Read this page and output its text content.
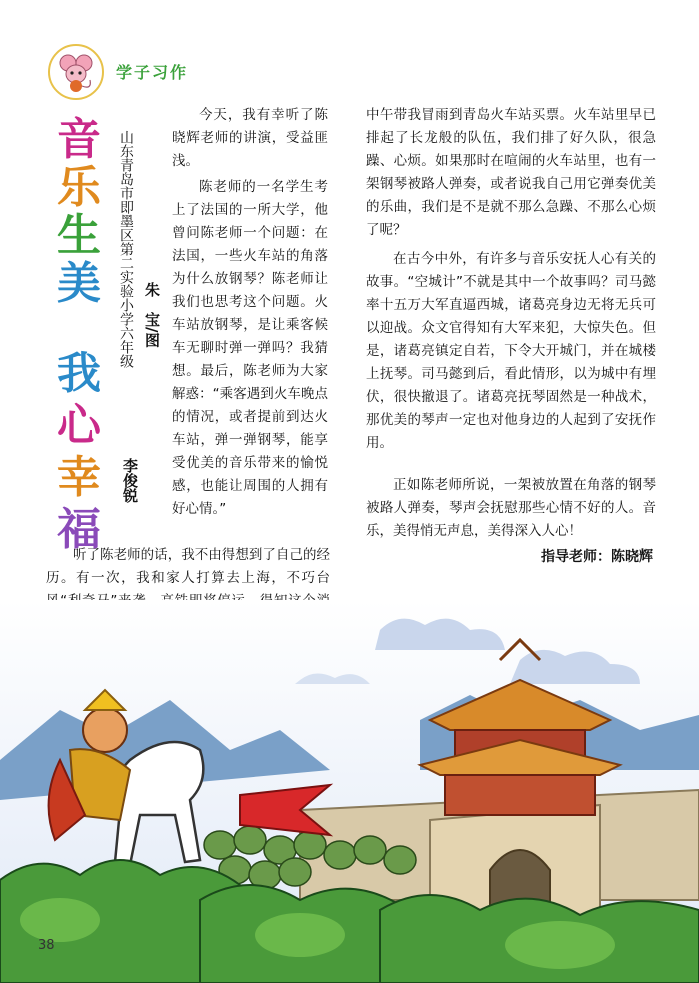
学子习作
音
乐
生
美
我
心
幸
福
山东青岛市即墨区第二实验小学六年级 朱　宝/图
李俊锐

今天，我有幸听了陈晓辉老师的讲演，受益匪浅。

陈老师的一名学生考上了法国的一所大学，他曾问陈老师一个问题：在法国，一些火车站的角落为什么放钢琴？陈老师让我们也思考这个问题。火车站放钢琴，是让乘客候车无聊时弹一弹吗？我猜想。最后，陈老师为大家解惑：“乘客遇到火车晚点的情况，或者提前到达火车站，弹一弹钢琴，能享受优美的音乐带来的愉悦感，也能让周围的人拥有好心情。”

听了陈老师的话，我不由得想到了自己的经历。有一次，我和家人打算去上海，不巧台

中午带我冒雨到青岛火车站买票。火车站里早已排起了长龙般的队伍，我们排了好久队，很急躁、心烦。如果那时在喧闹的火车站里，也有一架钢琴被路人弹奏，或者说我自己用它弹奏优美的乐曲，我们是不是就不那么急躁、不那么心烦了呢？

在古今中外，有许多与音乐安抚人心有关的故事。“空城计”不就是其中一个故事吗？司马懿率十五万大军直逼西城，诸葛亮身边无将无兵可以迎战。众文官得知有大军来犯，大惊失色。但是，诸葛亮镇定自若，下令大开城门，并在城楼上抚琴。司马懿到后，看此情形，以为城中有埋伏，很快撤退了。诸葛亮抚琴固然是一种战术，那优美的琴声一定也对他身边的人起到了安抚作用。

正如陈老师所说，一架被放置在角落的钢琴被路人弹奏，琴声会抚慰那些心情不好的人。音乐，美得悄无声息，美得深入人心！

指导老师：陈晓辉
38
